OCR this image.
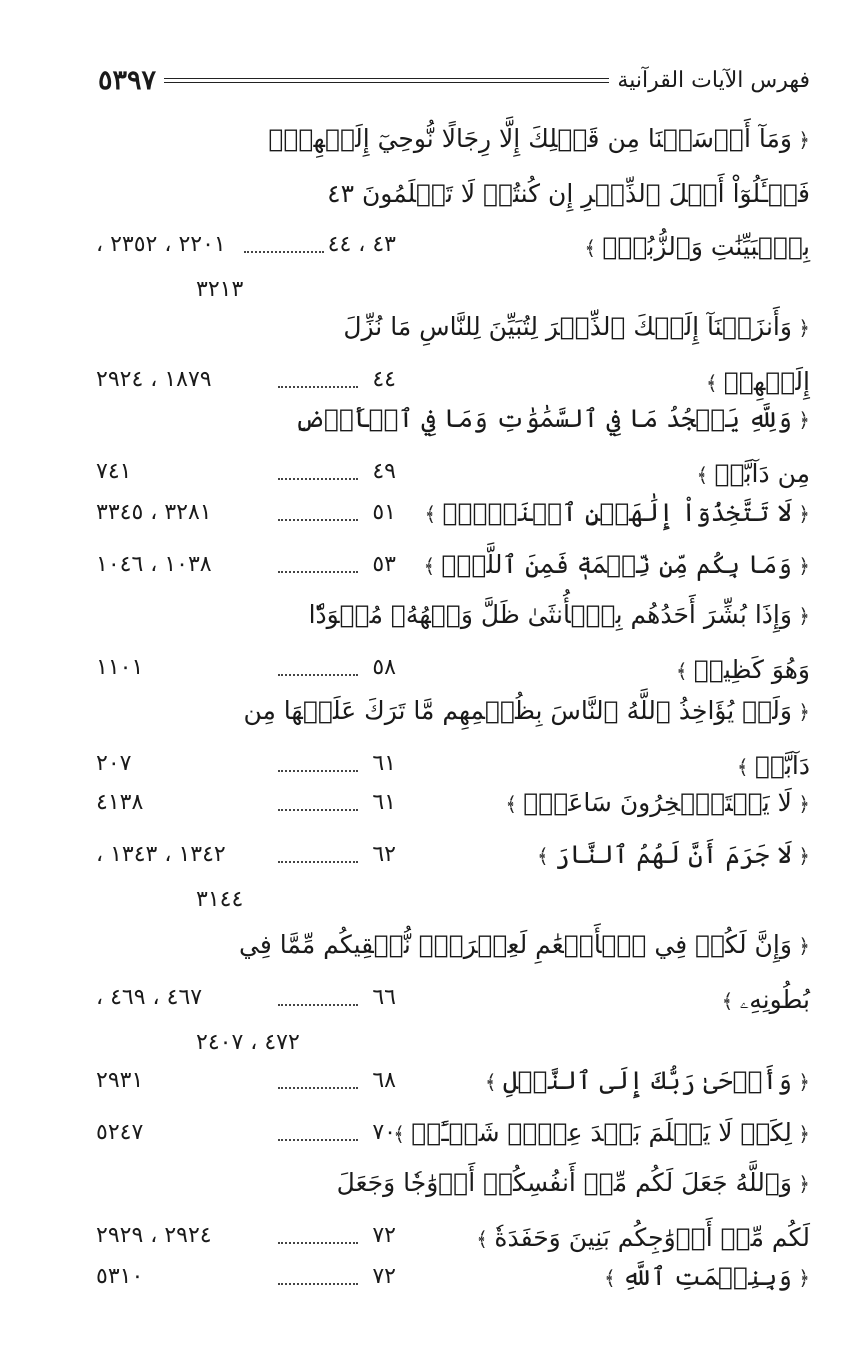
٥٣٩٧	فهرس الآيات القرآنية
﴿ وَمَآ أَرۡسَلۡنَا مِن قَبۡلِكَ إِلَّا رِجَالًا نُّوحِيٓ إِلَيۡهِمۡۚ
فَسۡـَٔلُوٓاْ أَهۡلَ ٱلذِّكۡرِ إِن كُنتُمۡ لَا تَعۡلَمُونَ ٤٣
بِٱلۡبَيِّنَٰتِ وَٱلزُّبُرِۗ ﴾
٤٣ ، ٤٤
٢٢٠١ ، ٢٣٥٢ ،
٣٢١٣
﴿ وَأَنزَلۡنَآ إِلَيۡكَ ٱلذِّكۡرَ لِتُبَيِّنَ لِلنَّاسِ مَا نُزِّلَ
إِلَيۡهِمۡ ﴾
٤٤
١٨٧٩ ، ٢٩٢٤
﴿ وَلِلَّهِ يَسۡجُدُ مَا فِي ٱلسَّمَٰوَٰتِ وَمَا فِي ٱلۡأَرۡضِ
مِن دَآبَّةٖ ﴾
٤٩
٧٤١
﴿ لَا تَتَّخِذُوٓاْ إِلَٰهَيۡنِ ٱثۡنَيۡنِۖ ﴾
٥١
٣٢٨١ ، ٣٣٤٥
﴿ وَمَا بِكُم مِّن نِّعۡمَةٖ فَمِنَ ٱللَّهِۖ ﴾
٥٣
١٠٣٨ ، ١٠٤٦
﴿ وَإِذَا بُشِّرَ أَحَدُهُم بِٱلۡأُنثَىٰ ظَلَّ وَجۡهُهُۥ مُسۡوَدّٗا
وَهُوَ كَظِيمٞ ﴾
٥٨
١١٠١
﴿ وَلَوۡ يُؤَاخِذُ ٱللَّهُ ٱلنَّاسَ بِظُلۡمِهِم مَّا تَرَكَ عَلَيۡهَا مِن
دَآبَّةٖ ﴾
٦١
٢٠٧
﴿ لَا يَسۡتَـٔۡخِرُونَ سَاعَةٗۖ ﴾
٦١
٤١٣٨
﴿ لَا جَرَمَ أَنَّ لَهُمُ ٱلنَّارَ ﴾
٦٢
١٣٤٢ ، ١٣٤٣ ،
٣١٤٤
﴿ وَإِنَّ لَكُمۡ فِي ٱلۡأَنۡعَٰمِ لَعِبۡرَةٗۖ نُّسۡقِيكُم مِّمَّا فِي
بُطُونِهِۦ ﴾
٦٦
٤٦٧ ، ٤٦٩ ،
٤٧٢ ، ٢٤٠٧
﴿ وَأَوۡحَىٰ رَبُّكَ إِلَى ٱلنَّحۡلِ ﴾
٦٨
٢٩٣١
﴿ لِكَيۡ لَا يَعۡلَمَ بَعۡدَ عِلۡمٖ شَيۡـًٔاۚ ﴾
٧٠
٥٢٤٧
﴿ وَٱللَّهُ جَعَلَ لَكُم مِّنۡ أَنفُسِكُمۡ أَزۡوَٰجٗا وَجَعَلَ
لَكُم مِّنۡ أَزۡوَٰجِكُم بَنِينَ وَحَفَدَةٗ ﴾
٧٢
٢٩٢٤ ، ٢٩٢٩
﴿ وَبِنِعۡمَتِ ٱللَّهِ ﴾
٧٢
٥٣١٠
